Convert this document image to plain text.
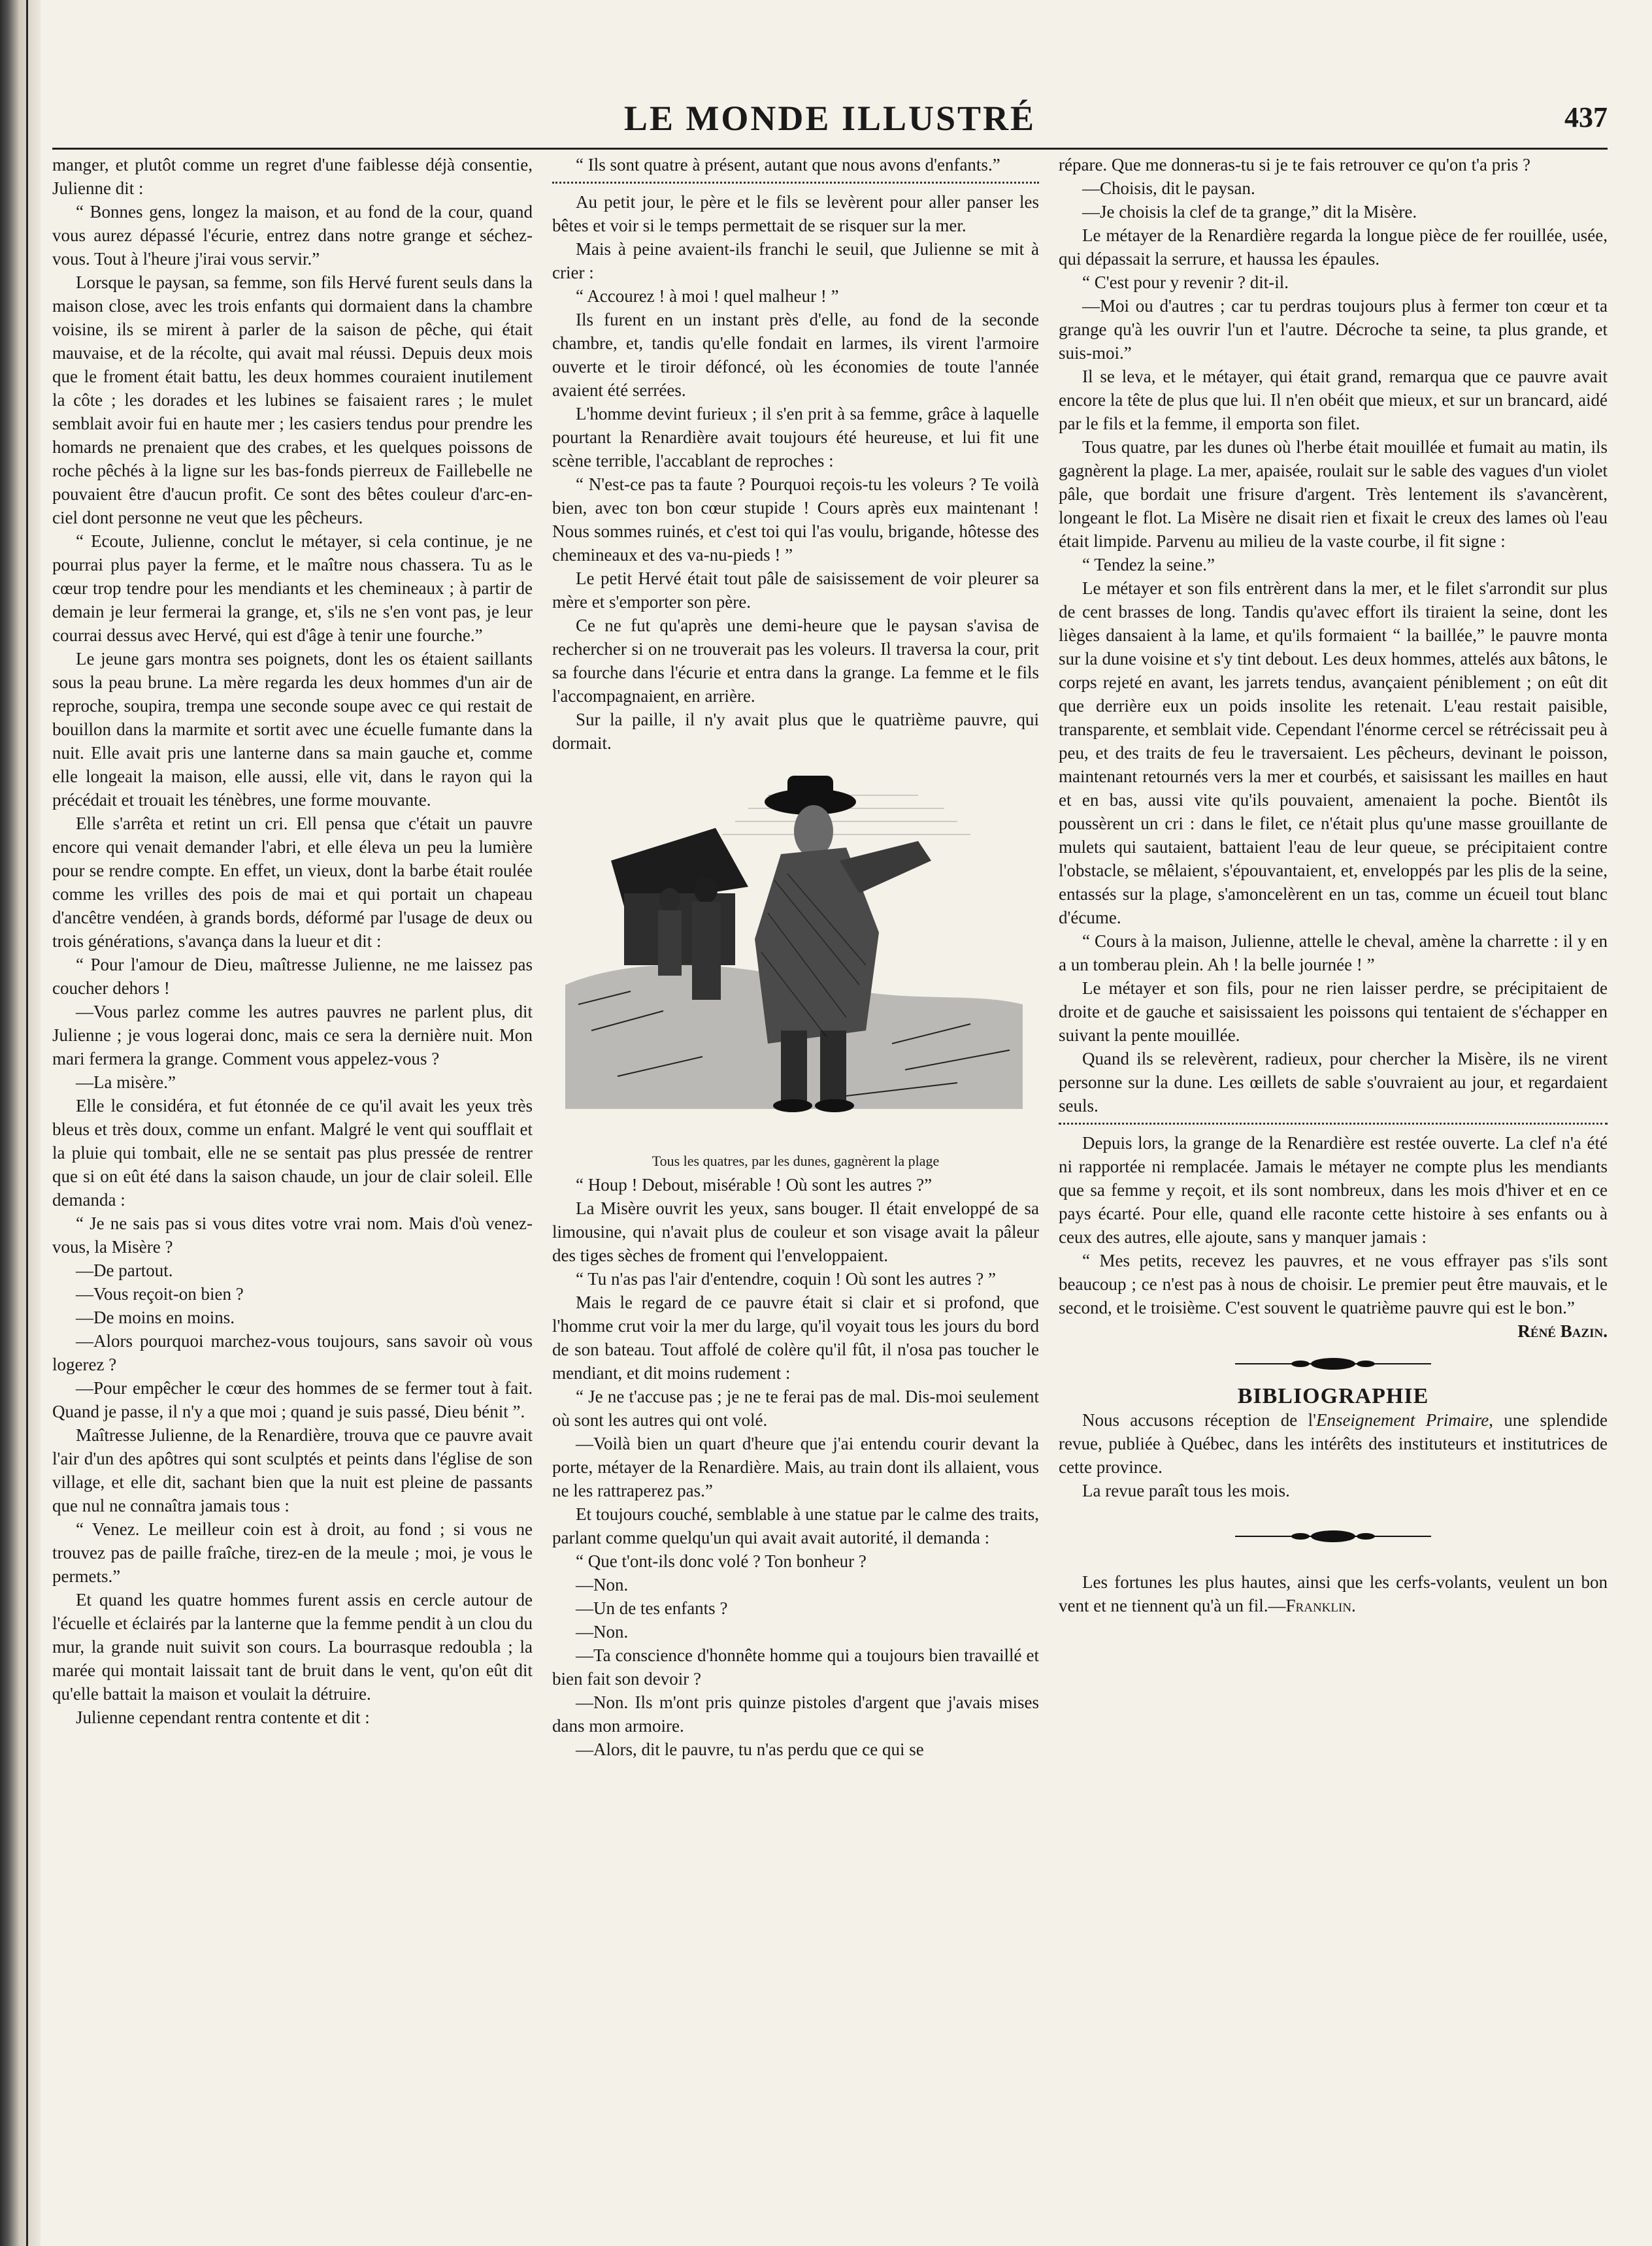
LE MONDE ILLUSTRÉ	437

manger, et plutôt comme un regret d'une faiblesse déjà consentie, Julienne dit :

“ Bonnes gens, longez la maison, et au fond de la cour, quand vous aurez dépassé l'écurie, entrez dans notre grange et séchez-vous. Tout à l'heure j'irai vous servir.”

Lorsque le paysan, sa femme, son fils Hervé furent seuls dans la maison close, avec les trois enfants qui dormaient dans la chambre voisine, ils se mirent à parler de la saison de pêche, qui était mauvaise, et de la récolte, qui avait mal réussi. Depuis deux mois que le froment était battu, les deux hommes couraient inutilement la côte ; les dorades et les lubines se faisaient rares ; le mulet semblait avoir fui en haute mer ; les casiers tendus pour prendre les homards ne prenaient que des crabes, et les quelques poissons de roche pêchés à la ligne sur les bas-fonds pierreux de Faillebelle ne pouvaient être d'aucun profit. Ce sont des bêtes couleur d'arc-en-ciel dont personne ne veut que les pêcheurs.

“ Ecoute, Julienne, conclut le métayer, si cela continue, je ne pourrai plus payer la ferme, et le maître nous chassera. Tu as le cœur trop tendre pour les mendiants et les chemineaux ; à partir de demain je leur fermerai la grange, et, s'ils ne s'en vont pas, je leur courrai dessus avec Hervé, qui est d'âge à tenir une fourche.”

Le jeune gars montra ses poignets, dont les os étaient saillants sous la peau brune. La mère regarda les deux hommes d'un air de reproche, soupira, trempa une seconde soupe avec ce qui restait de bouillon dans la marmite et sortit avec une écuelle fumante dans la nuit. Elle avait pris une lanterne dans sa main gauche et, comme elle longeait la maison, elle aussi, elle vit, dans le rayon qui la précédait et trouait les ténèbres, une forme mouvante.

Elle s'arrêta et retint un cri. Ell pensa que c'était un pauvre encore qui venait demander l'abri, et elle éleva un peu la lumière pour se rendre compte. En effet, un vieux, dont la barbe était roulée comme les vrilles des pois de mai et qui portait un chapeau d'ancêtre vendéen, à grands bords, déformé par l'usage de deux ou trois générations, s'avança dans la lueur et dit :

“ Pour l'amour de Dieu, maîtresse Julienne, ne me laissez pas coucher dehors !

—Vous parlez comme les autres pauvres ne parlent plus, dit Julienne ; je vous logerai donc, mais ce sera la dernière nuit. Mon mari fermera la grange. Comment vous appelez-vous ?

—La misère.”

Elle le considéra, et fut étonnée de ce qu'il avait les yeux très bleus et très doux, comme un enfant. Malgré le vent qui soufflait et la pluie qui tombait, elle ne se sentait pas plus pressée de rentrer que si on eût été dans la saison chaude, un jour de clair soleil. Elle demanda :

“ Je ne sais pas si vous dites votre vrai nom. Mais d'où venez-vous, la Misère ?

—De partout.

—Vous reçoit-on bien ?

—De moins en moins.

—Alors pourquoi marchez-vous toujours, sans savoir où vous logerez ?

—Pour empêcher le cœur des hommes de se fermer tout à fait. Quand je passe, il n'y a que moi ; quand je suis passé, Dieu bénit ”.

Maîtresse Julienne, de la Renardière, trouva que ce pauvre avait l'air d'un des apôtres qui sont sculptés et peints dans l'église de son village, et elle dit, sachant bien que la nuit est pleine de passants que nul ne connaîtra jamais tous :

“ Venez. Le meilleur coin est à droit, au fond ; si vous ne trouvez pas de paille fraîche, tirez-en de la meule ; moi, je vous le permets.”

Et quand les quatre hommes furent assis en cercle autour de l'écuelle et éclairés par la lanterne que la femme pendit à un clou du mur, la grande nuit suivit son cours. La bourrasque redoubla ; la marée qui montait laissait tant de bruit dans le vent, qu'on eût dit qu'elle battait la maison et voulait la détruire.

Julienne cependant rentra contente et dit :

“ Ils sont quatre à présent, autant que nous avons d'enfants.”

Au petit jour, le père et le fils se levèrent pour aller panser les bêtes et voir si le temps permettait de se risquer sur la mer.

Mais à peine avaient-ils franchi le seuil, que Julienne se mit à crier :

“ Accourez ! à moi ! quel malheur ! ”

Ils furent en un instant près d'elle, au fond de la seconde chambre, et, tandis qu'elle fondait en larmes, ils virent l'armoire ouverte et le tiroir défoncé, où les économies de toute l'année avaient été serrées.

L'homme devint furieux ; il s'en prit à sa femme, grâce à laquelle pourtant la Renardière avait toujours été heureuse, et lui fit une scène terrible, l'accablant de reproches :

“ N'est-ce pas ta faute ? Pourquoi reçois-tu les voleurs ? Te voilà bien, avec ton bon cœur stupide ! Cours après eux maintenant ! Nous sommes ruinés, et c'est toi qui l'as voulu, brigande, hôtesse des chemineaux et des va-nu-pieds ! ”

Le petit Hervé était tout pâle de saisissement de voir pleurer sa mère et s'emporter son père.

Ce ne fut qu'après une demi-heure que le paysan s'avisa de rechercher si on ne trouverait pas les voleurs. Il traversa la cour, prit sa fourche dans l'écurie et entra dans la grange. La femme et le fils l'accompagnaient, en arrière.

Sur la paille, il n'y avait plus que le quatrième pauvre, qui dormait.

Tous les quatres, par les dunes, gagnèrent la plage

“ Houp ! Debout, misérable ! Où sont les autres ?”

La Misère ouvrit les yeux, sans bouger. Il était enveloppé de sa limousine, qui n'avait plus de couleur et son visage avait la pâleur des tiges sèches de froment qui l'enveloppaient.

“ Tu n'as pas l'air d'entendre, coquin ! Où sont les autres ? ”

Mais le regard de ce pauvre était si clair et si profond, que l'homme crut voir la mer du large, qu'il voyait tous les jours du bord de son bateau. Tout affolé de colère qu'il fût, il n'osa pas toucher le mendiant, et dit moins rudement :

“ Je ne t'accuse pas ; je ne te ferai pas de mal. Dis-moi seulement où sont les autres qui ont volé.

—Voilà bien un quart d'heure que j'ai entendu courir devant la porte, métayer de la Renardière. Mais, au train dont ils allaient, vous ne les rattraperez pas.”

Et toujours couché, semblable à une statue par le calme des traits, parlant comme quelqu'un qui avait avait autorité, il demanda :

“ Que t'ont-ils donc volé ? Ton bonheur ?

—Non.

—Un de tes enfants ?

—Non.

—Ta conscience d'honnête homme qui a toujours bien travaillé et bien fait son devoir ?

—Non. Ils m'ont pris quinze pistoles d'argent que j'avais mises dans mon armoire.

—Alors, dit le pauvre, tu n'as perdu que ce qui se

répare. Que me donneras-tu si je te fais retrouver ce qu'on t'a pris ?

—Choisis, dit le paysan.

—Je choisis la clef de ta grange,” dit la Misère.

Le métayer de la Renardière regarda la longue pièce de fer rouillée, usée, qui dépassait la serrure, et haussa les épaules.

“ C'est pour y revenir ? dit-il.

—Moi ou d'autres ; car tu perdras toujours plus à fermer ton cœur et ta grange qu'à les ouvrir l'un et l'autre. Décroche ta seine, ta plus grande, et suis-moi.”

Il se leva, et le métayer, qui était grand, remarqua que ce pauvre avait encore la tête de plus que lui. Il n'en obéit que mieux, et sur un brancard, aidé par le fils et la femme, il emporta son filet.

Tous quatre, par les dunes où l'herbe était mouillée et fumait au matin, ils gagnèrent la plage. La mer, apaisée, roulait sur le sable des vagues d'un violet pâle, que bordait une frisure d'argent. Très lentement ils s'avancèrent, longeant le flot. La Misère ne disait rien et fixait le creux des lames où l'eau était limpide. Parvenu au milieu de la vaste courbe, il fit signe :

“ Tendez la seine.”

Le métayer et son fils entrèrent dans la mer, et le filet s'arrondit sur plus de cent brasses de long. Tandis qu'avec effort ils tiraient la seine, dont les lièges dansaient à la lame, et qu'ils formaient “ la baillée,” le pauvre monta sur la dune voisine et s'y tint debout. Les deux hommes, attelés aux bâtons, le corps rejeté en avant, les jarrets tendus, avançaient péniblement ; on eût dit que derrière eux un poids insolite les retenait. L'eau restait paisible, transparente, et semblait vide. Cependant l'énorme cercel se rétrécissait peu à peu, et des traits de feu le traversaient. Les pêcheurs, devinant le poisson, maintenant retournés vers la mer et courbés, et saisissant les mailles en haut et en bas, aussi vite qu'ils pouvaient, amenaient la poche. Bientôt ils poussèrent un cri : dans le filet, ce n'était plus qu'une masse grouillante de mulets qui sautaient, battaient l'eau de leur queue, se précipitaient contre l'obstacle, se mêlaient, s'épouvantaient, et, enveloppés par les plis de la seine, entassés sur la plage, s'amoncelèrent en un tas, comme un écueil tout blanc d'écume.

“ Cours à la maison, Julienne, attelle le cheval, amène la charrette : il y en a un tomberau plein. Ah ! la belle journée ! ”

Le métayer et son fils, pour ne rien laisser perdre, se précipitaient de droite et de gauche et saisissaient les poissons qui tentaient de s'échapper en suivant la pente mouillée.

Quand ils se relevèrent, radieux, pour chercher la Misère, ils ne virent personne sur la dune. Les œillets de sable s'ouvraient au jour, et regardaient seuls.

Depuis lors, la grange de la Renardière est restée ouverte. La clef n'a été ni rapportée ni remplacée. Jamais le métayer ne compte plus les mendiants que sa femme y reçoit, et ils sont nombreux, dans les mois d'hiver et en ce pays écarté. Pour elle, quand elle raconte cette histoire à ses enfants ou à ceux des autres, elle ajoute, sans y manquer jamais :

“ Mes petits, recevez les pauvres, et ne vous effrayer pas s'ils sont beaucoup ; ce n'est pas à nous de choisir. Le premier peut être mauvais, et le second, et le troisième. C'est souvent le quatrième pauvre qui est le bon.”

Réné Bazin.

BIBLIOGRAPHIE

Nous accusons réception de l'Enseignement Primaire, une splendide revue, publiée à Québec, dans les intérêts des instituteurs et institutrices de cette province.

La revue paraît tous les mois.

Les fortunes les plus hautes, ainsi que les cerfs-volants, veulent un bon vent et ne tiennent qu'à un fil.—Franklin.
